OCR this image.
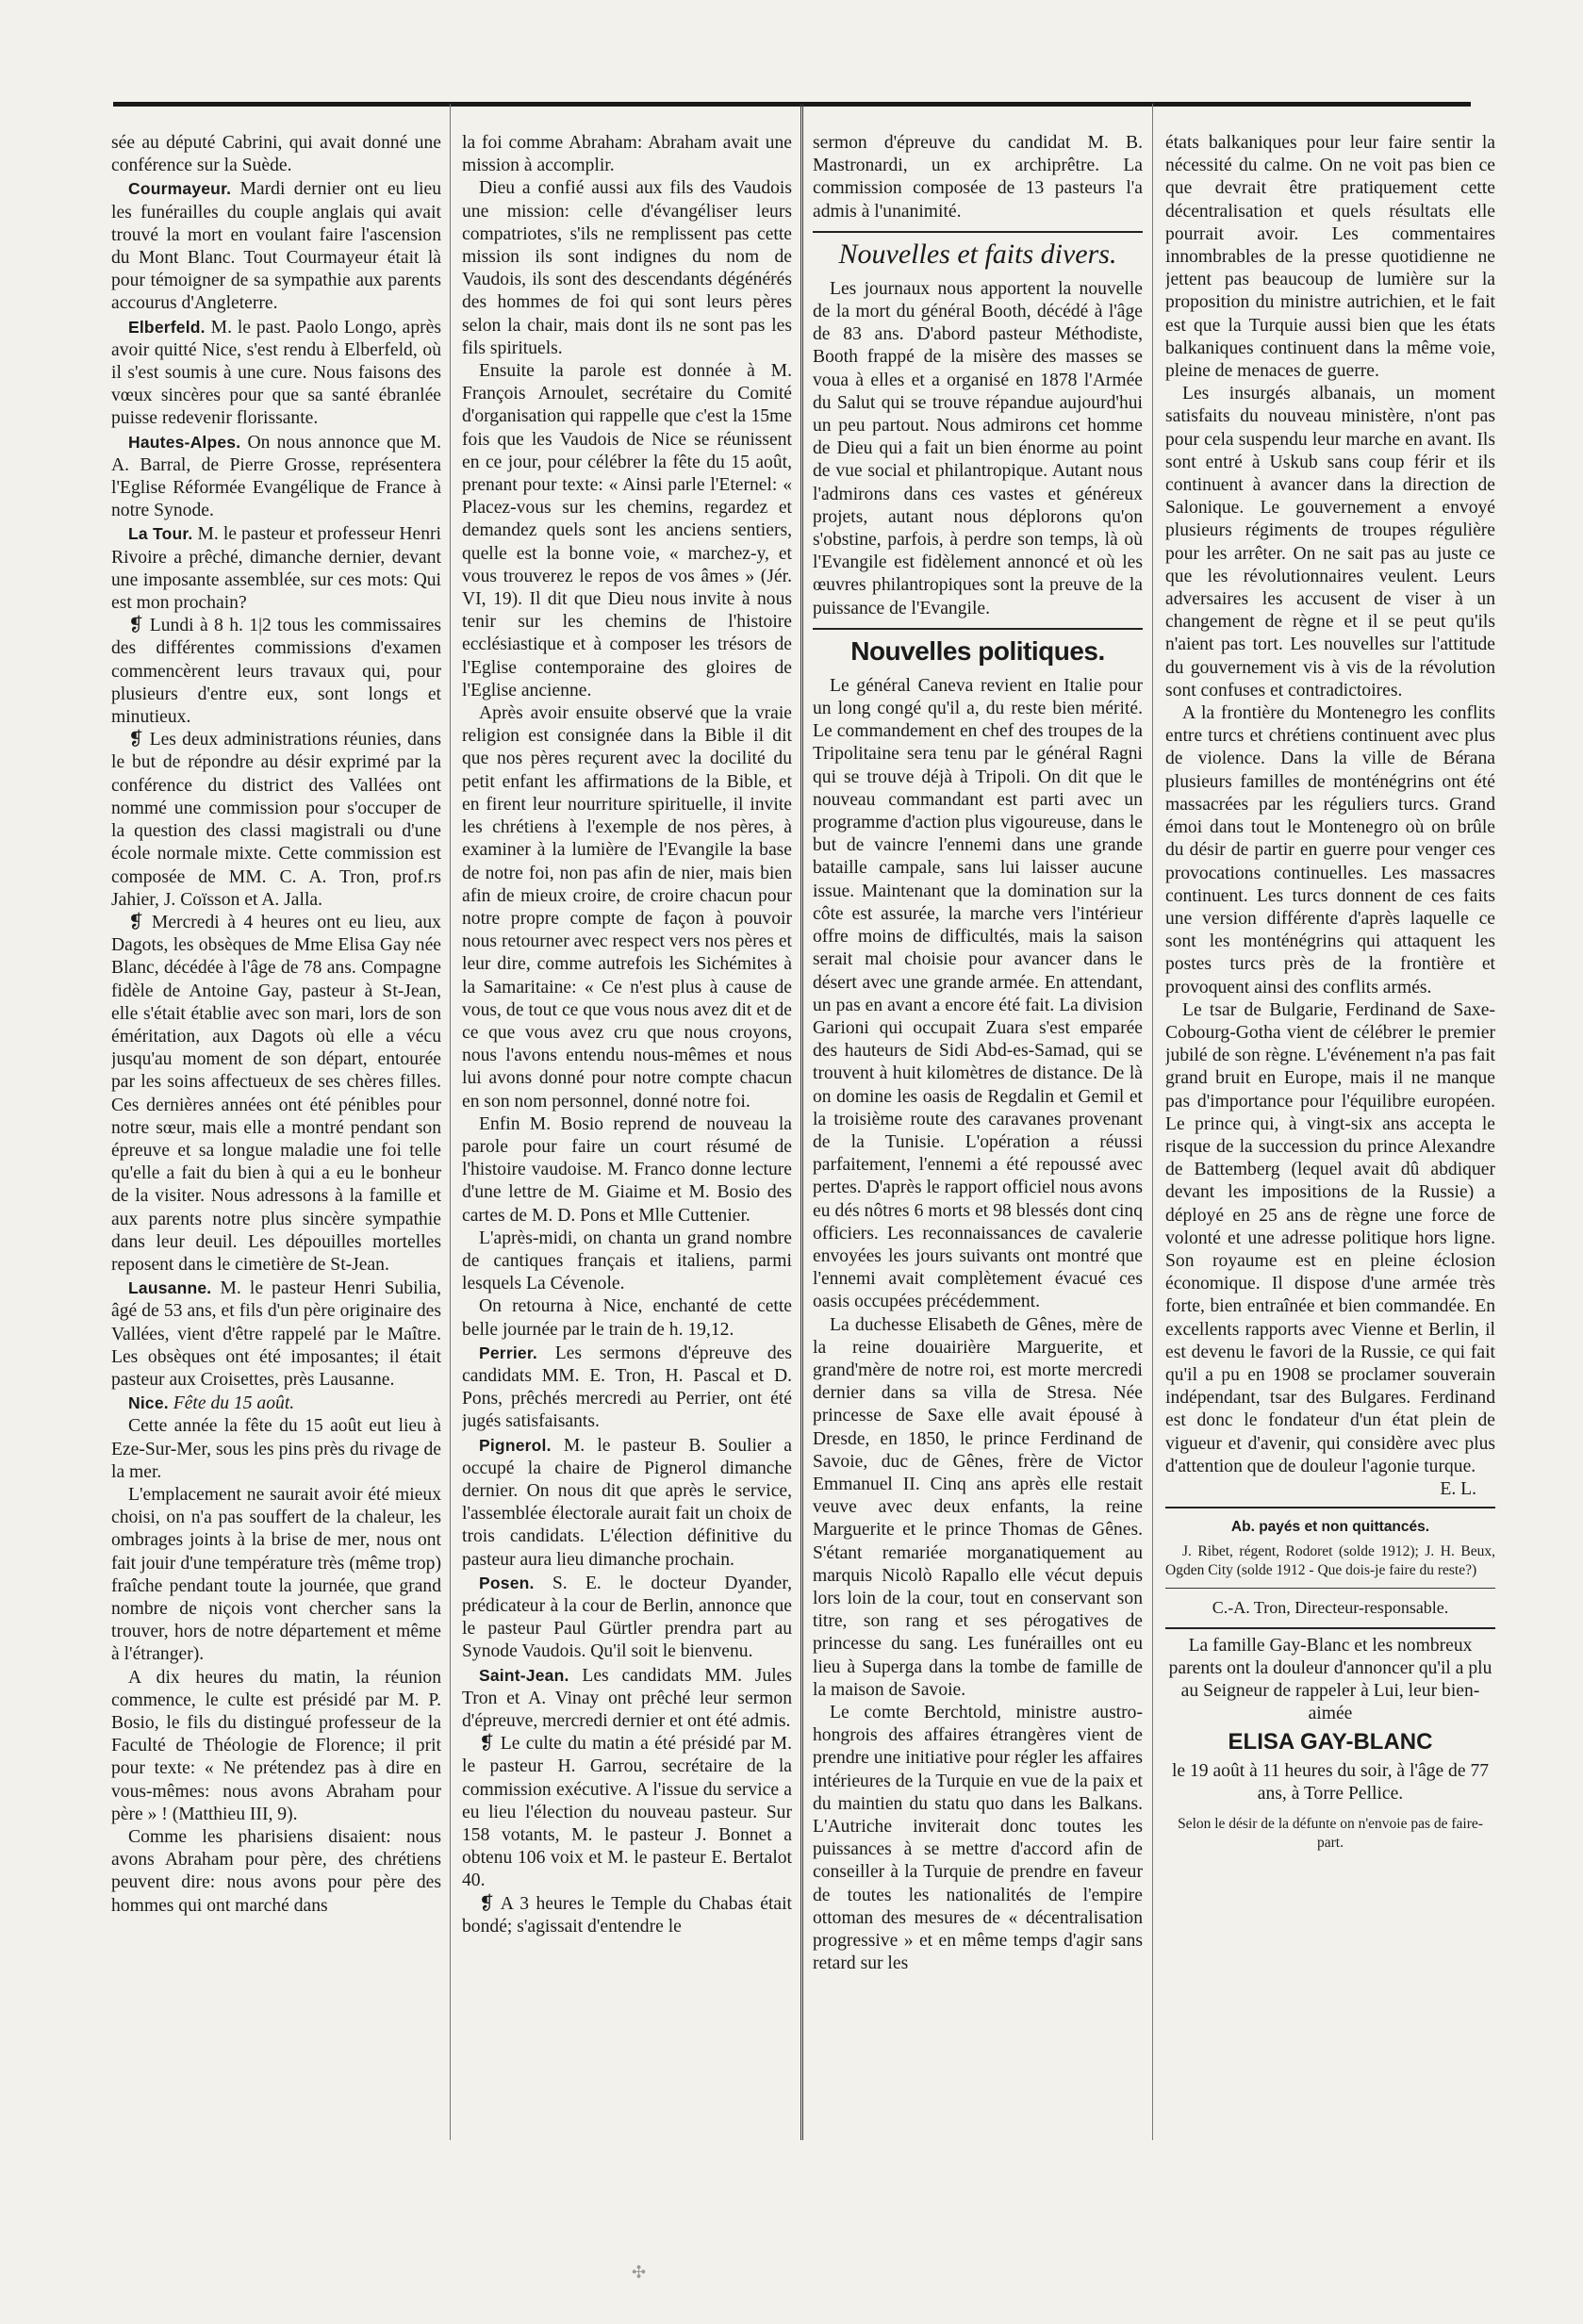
sée au député Cabrini, qui avait donné une conférence sur la Suède.

Courmayeur. Mardi dernier ont eu lieu les funérailles du couple anglais qui avait trouvé la mort en voulant faire l'ascension du Mont Blanc. Tout Courmayeur était là pour témoigner de sa sympathie aux parents accourus d'Angleterre.

Elberfeld. M. le past. Paolo Longo, après avoir quitté Nice, s'est rendu à Elberfeld, où il s'est soumis à une cure. Nous faisons des vœux sincères pour que sa santé ébranlée puisse redevenir florissante.

Hautes-Alpes. On nous annonce que M. A. Barral, de Pierre Grosse, représentera l'Eglise Réformée Evangélique de France à notre Synode.

La Tour. M. le pasteur et professeur Henri Rivoire a prêché, dimanche dernier, devant une imposante assemblée, sur ces mots: Qui est mon prochain?

❡ Lundi à 8 h. 1|2 tous les commissaires des différentes commissions d'examen commencèrent leurs travaux qui, pour plusieurs d'entre eux, sont longs et minutieux.

❡ Les deux administrations réunies, dans le but de répondre au désir exprimé par la conférence du district des Vallées ont nommé une commission pour s'occuper de la question des classi magistrali ou d'une école normale mixte. Cette commission est composée de MM. C. A. Tron, prof.rs Jahier, J. Coïsson et A. Jalla.

❡ Mercredi à 4 heures ont eu lieu, aux Dagots, les obsèques de Mme Elisa Gay née Blanc, décédée à l'âge de 78 ans. Compagne fidèle de Antoine Gay, pasteur à St-Jean, elle s'était établie avec son mari, lors de son éméritation, aux Dagots où elle a vécu jusqu'au moment de son départ, entourée par les soins affectueux de ses chères filles. Ces dernières années ont été pénibles pour notre sœur, mais elle a montré pendant son épreuve et sa longue maladie une foi telle qu'elle a fait du bien à qui a eu le bonheur de la visiter. Nous adressons à la famille et aux parents notre plus sincère sympathie dans leur deuil. Les dépouilles mortelles reposent dans le cimetière de St-Jean.

Lausanne. M. le pasteur Henri Subilia, âgé de 53 ans, et fils d'un père originaire des Vallées, vient d'être rappelé par le Maître. Les obsèques ont été imposantes; il était pasteur aux Croisettes, près Lausanne.

Nice. Fête du 15 août.

Cette année la fête du 15 août eut lieu à Eze-Sur-Mer, sous les pins près du rivage de la mer.

L'emplacement ne saurait avoir été mieux choisi, on n'a pas souffert de la chaleur, les ombrages joints à la brise de mer, nous ont fait jouir d'une température très (même trop) fraîche pendant toute la journée, que grand nombre de niçois vont chercher sans la trouver, hors de notre département et même à l'étranger).

A dix heures du matin, la réunion commence, le culte est présidé par M. P. Bosio, le fils du distingué professeur de la Faculté de Théologie de Florence; il prit pour texte: « Ne prétendez pas à dire en vous-mêmes: nous avons Abraham pour père » ! (Matthieu III, 9).

Comme les pharisiens disaient: nous avons Abraham pour père, des chrétiens peuvent dire: nous avons pour père des hommes qui ont marché dans

la foi comme Abraham: Abraham avait une mission à accomplir.

Dieu a confié aussi aux fils des Vaudois une mission: celle d'évangéliser leurs compatriotes, s'ils ne remplissent pas cette mission ils sont indignes du nom de Vaudois, ils sont des descendants dégénérés des hommes de foi qui sont leurs pères selon la chair, mais dont ils ne sont pas les fils spirituels.

Ensuite la parole est donnée à M. François Arnoulet, secrétaire du Comité d'organisation qui rappelle que c'est la 15me fois que les Vaudois de Nice se réunissent en ce jour, pour célébrer la fête du 15 août, prenant pour texte: « Ainsi parle l'Eternel: « Placez-vous sur les chemins, regardez et demandez quels sont les anciens sentiers, quelle est la bonne voie, « marchez-y, et vous trouverez le repos de vos âmes » (Jér. VI, 19). Il dit que Dieu nous invite à nous tenir sur les chemins de l'histoire ecclésiastique et à composer les trésors de l'Eglise contemporaine des gloires de l'Eglise ancienne.

Après avoir ensuite observé que la vraie religion est consignée dans la Bible il dit que nos pères reçurent avec la docilité du petit enfant les affirmations de la Bible, et en firent leur nourriture spirituelle, il invite les chrétiens à l'exemple de nos pères, à examiner à la lumière de l'Evangile la base de notre foi, non pas afin de nier, mais bien afin de mieux croire, de croire chacun pour notre propre compte de façon à pouvoir nous retourner avec respect vers nos pères et leur dire, comme autrefois les Sichémites à la Samaritaine: « Ce n'est plus à cause de vous, de tout ce que vous nous avez dit et de ce que vous avez cru que nous croyons, nous l'avons entendu nous-mêmes et nous lui avons donné pour notre compte chacun en son nom personnel, donné notre foi.

Enfin M. Bosio reprend de nouveau la parole pour faire un court résumé de l'histoire vaudoise. M. Franco donne lecture d'une lettre de M. Giaime et M. Bosio des cartes de M. D. Pons et Mlle Cuttenier.

L'après-midi, on chanta un grand nombre de cantiques français et italiens, parmi lesquels La Cévenole.

On retourna à Nice, enchanté de cette belle journée par le train de h. 19,12.

Perrier. Les sermons d'épreuve des candidats MM. E. Tron, H. Pascal et D. Pons, prêchés mercredi au Perrier, ont été jugés satisfaisants.

Pignerol. M. le pasteur B. Soulier a occupé la chaire de Pignerol dimanche dernier. On nous dit que après le service, l'assemblée électorale aurait fait un choix de trois candidats. L'élection définitive du pasteur aura lieu dimanche prochain.

Posen. S. E. le docteur Dyander, prédicateur à la cour de Berlin, annonce que le pasteur Paul Gürtler prendra part au Synode Vaudois. Qu'il soit le bienvenu.

Saint-Jean. Les candidats MM. Jules Tron et A. Vinay ont prêché leur sermon d'épreuve, mercredi dernier et ont été admis.

❡ Le culte du matin a été présidé par M. le pasteur H. Garrou, secrétaire de la commission exécutive. A l'issue du service a eu lieu l'élection du nouveau pasteur. Sur 158 votants, M. le pasteur J. Bonnet a obtenu 106 voix et M. le pasteur E. Bertalot 40.

❡ A 3 heures le Temple du Chabas était bondé; s'agissait d'entendre le

sermon d'épreuve du candidat M. B. Mastronardi, un ex archiprêtre. La commission composée de 13 pasteurs l'a admis à l'unanimité.

Nouvelles et faits divers.

Les journaux nous apportent la nouvelle de la mort du général Booth, décédé à l'âge de 83 ans. D'abord pasteur Méthodiste, Booth frappé de la misère des masses se voua à elles et a organisé en 1878 l'Armée du Salut qui se trouve répandue aujourd'hui un peu partout. Nous admirons cet homme de Dieu qui a fait un bien énorme au point de vue social et philantropique. Autant nous l'admirons dans ces vastes et généreux projets, autant nous déplorons qu'on s'obstine, parfois, à perdre son temps, là où l'Evangile est fidèlement annoncé et où les œuvres philantropiques sont la preuve de la puissance de l'Evangile.

Nouvelles politiques.

Le général Caneva revient en Italie pour un long congé qu'il a, du reste bien mérité. Le commandement en chef des troupes de la Tripolitaine sera tenu par le général Ragni qui se trouve déjà à Tripoli. On dit que le nouveau commandant est parti avec un programme d'action plus vigoureuse, dans le but de vaincre l'ennemi dans une grande bataille campale, sans lui laisser aucune issue. Maintenant que la domination sur la côte est assurée, la marche vers l'intérieur offre moins de difficultés, mais la saison serait mal choisie pour avancer dans le désert avec une grande armée. En attendant, un pas en avant a encore été fait. La division Garioni qui occupait Zuara s'est emparée des hauteurs de Sidi Abd-es-Samad, qui se trouvent à huit kilomètres de distance. De là on domine les oasis de Regdalin et Gemil et la troisième route des caravanes provenant de la Tunisie. L'opération a réussi parfaitement, l'ennemi a été repoussé avec pertes. D'après le rapport officiel nous avons eu dés nôtres 6 morts et 98 blessés dont cinq officiers. Les reconnaissances de cavalerie envoyées les jours suivants ont montré que l'ennemi avait complètement évacué ces oasis occupées précédemment.

La duchesse Elisabeth de Gênes, mère de la reine douairière Marguerite, et grand'mère de notre roi, est morte mercredi dernier dans sa villa de Stresa. Née princesse de Saxe elle avait épousé à Dresde, en 1850, le prince Ferdinand de Savoie, duc de Gênes, frère de Victor Emmanuel II. Cinq ans après elle restait veuve avec deux enfants, la reine Marguerite et le prince Thomas de Gênes. S'étant remariée morganatiquement au marquis Nicolò Rapallo elle vécut depuis lors loin de la cour, tout en conservant son titre, son rang et ses pérogatives de princesse du sang. Les funérailles ont eu lieu à Superga dans la tombe de famille de la maison de Savoie.

Le comte Berchtold, ministre austro-hongrois des affaires étrangères vient de prendre une initiative pour régler les affaires intérieures de la Turquie en vue de la paix et du maintien du statu quo dans les Balkans. L'Autriche inviterait donc toutes les puissances à se mettre d'accord afin de conseiller à la Turquie de prendre en faveur de toutes les nationalités de l'empire ottoman des mesures de « décentralisation progressive » et en même temps d'agir sans retard sur les

états balkaniques pour leur faire sentir la nécessité du calme. On ne voit pas bien ce que devrait être pratiquement cette décentralisation et quels résultats elle pourrait avoir. Les commentaires innombrables de la presse quotidienne ne jettent pas beaucoup de lumière sur la proposition du ministre autrichien, et le fait est que la Turquie aussi bien que les états balkaniques continuent dans la même voie, pleine de menaces de guerre.

Les insurgés albanais, un moment satisfaits du nouveau ministère, n'ont pas pour cela suspendu leur marche en avant. Ils sont entré à Uskub sans coup férir et ils continuent à avancer dans la direction de Salonique. Le gouvernement a envoyé plusieurs régiments de troupes régulière pour les arrêter. On ne sait pas au juste ce que les révolutionnaires veulent. Leurs adversaires les accusent de viser à un changement de règne et il se peut qu'ils n'aient pas tort. Les nouvelles sur l'attitude du gouvernement vis à vis de la révolution sont confuses et contradictoires.

A la frontière du Montenegro les conflits entre turcs et chrétiens continuent avec plus de violence. Dans la ville de Bérana plusieurs familles de monténégrins ont été massacrées par les réguliers turcs. Grand émoi dans tout le Montenegro où on brûle du désir de partir en guerre pour venger ces provocations continuelles. Les massacres continuent. Les turcs donnent de ces faits une version différente d'après laquelle ce sont les monténégrins qui attaquent les postes turcs près de la frontière et provoquent ainsi des conflits armés.

Le tsar de Bulgarie, Ferdinand de Saxe-Cobourg-Gotha vient de célébrer le premier jubilé de son règne. L'événement n'a pas fait grand bruit en Europe, mais il ne manque pas d'importance pour l'équilibre européen. Le prince qui, à vingt-six ans accepta le risque de la succession du prince Alexandre de Battemberg (lequel avait dû abdiquer devant les impositions de la Russie) a déployé en 25 ans de règne une force de volonté et une adresse politique hors ligne. Son royaume est en pleine éclosion économique. Il dispose d'une armée très forte, bien entraînée et bien commandée. En excellents rapports avec Vienne et Berlin, il est devenu le favori de la Russie, ce qui fait qu'il a pu en 1908 se proclamer souverain indépendant, tsar des Bulgares. Ferdinand est donc le fondateur d'un état plein de vigueur et d'avenir, qui considère avec plus d'attention que de douleur l'agonie turque.

E. L.

Ab. payés et non quittancés.

J. Ribet, régent, Rodoret (solde 1912); J. H. Beux, Ogden City (solde 1912 - Que dois-je faire du reste?)

C.-A. Tron, Directeur-responsable.

La famille Gay-Blanc et les nombreux parents ont la douleur d'annoncer qu'il a plu au Seigneur de rappeler à Lui, leur bien-aimée

ELISA GAY-BLANC

le 19 août à 11 heures du soir, à l'âge de 77 ans, à Torre Pellice.

Selon le désir de la défunte on n'envoie pas de faire-part.

✣
